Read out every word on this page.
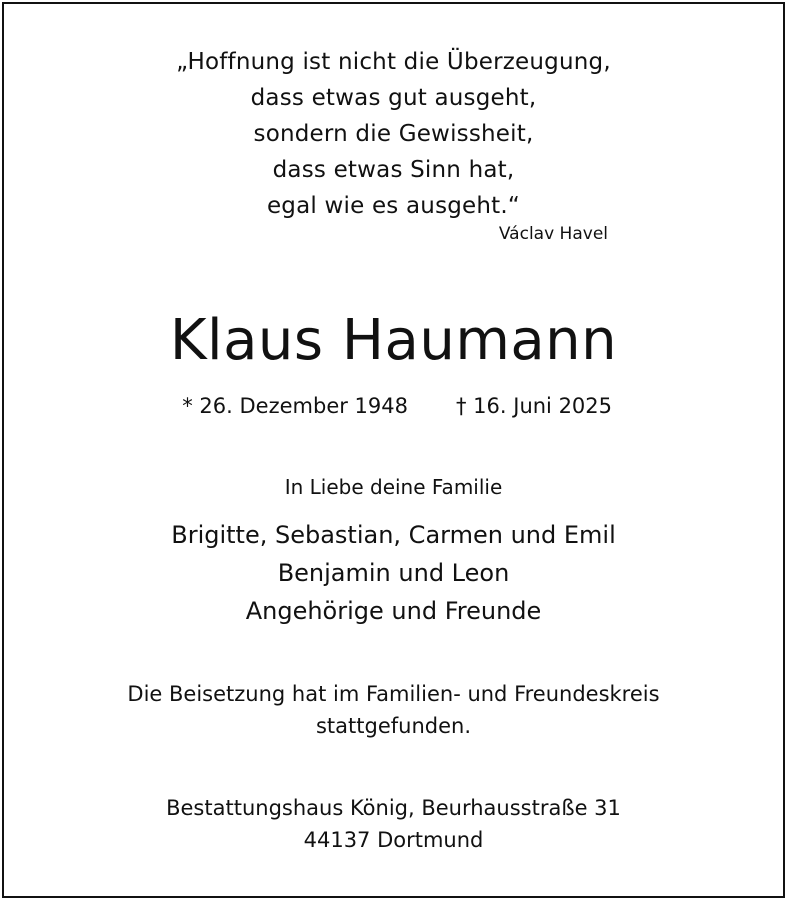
„Hoffnung ist nicht die Überzeugung,
dass etwas gut ausgeht,
sondern die Gewissheit,
dass etwas Sinn hat,
egal wie es ausgeht.“
Václav Havel
Klaus Haumann
* 26. Dezember 1948 † 16. Juni 2025
In Liebe deine Familie
Brigitte, Sebastian, Carmen und Emil
Benjamin und Leon
Angehörige und Freunde
Die Beisetzung hat im Familien- und Freundeskreis
stattgefunden.
Bestattungshaus König, Beurhausstraße 31
44137 Dortmund
